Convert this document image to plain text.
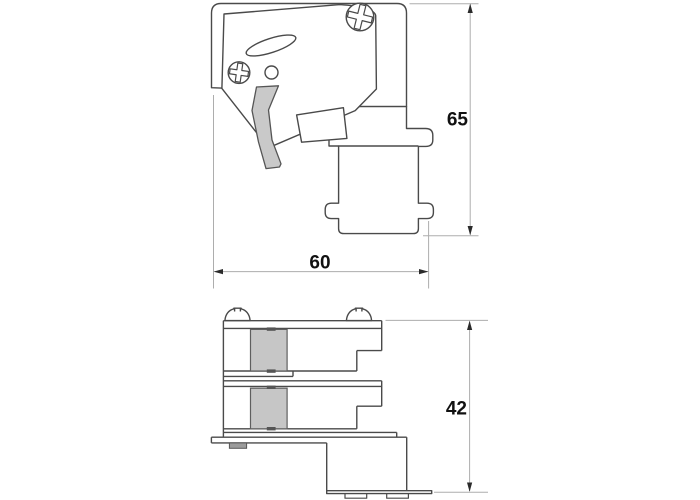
65
60
42
